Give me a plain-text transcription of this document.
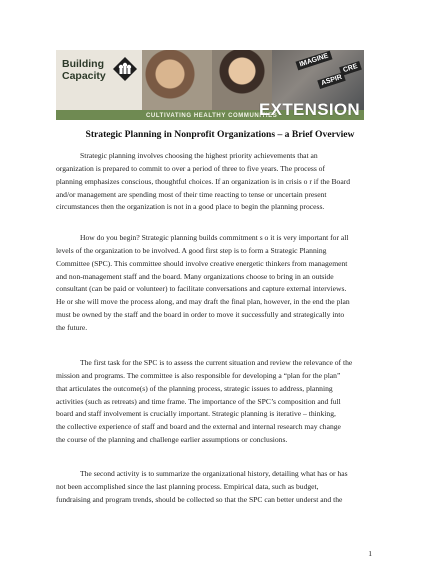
Building
Capacity
IMAGINE
CRE
ASPIR
CULTIVATING HEALTHY COMMUNITIES
EXTENSION
Strategic Planning in Nonprofit Organizations – a Brief Overview
Strategic planning involves choosing the highest priority achievements that an
organization is prepared to commit to over a period of three to five years. The process of
planning emphasizes conscious, thoughtful choices. If an organization is in crisis o r if the Board
and/or management are spending most of their time reacting to tense or uncertain present
circumstances then the organization is not in a good place to begin the planning process.
How do you begin? Strategic planning builds commitment s o it is very important for all
levels of the organization to be involved. A good first step is to form a Strategic Planning
Committee (SPC). This committee should involve creative energetic thinkers from management
and non-management staff and the board. Many organizations choose to bring in an outside
consultant (can be paid or volunteer) to facilitate conversations and capture external interviews.
He or she will move the process along, and may draft the final plan, however, in the end the plan
must be owned by the staff and the board in order to move it successfully and strategically into
the future.
The first task for the SPC is to assess the current situation and review the relevance of the
mission and programs. The committee is also responsible for developing a “plan for the plan”
that articulates the outcome(s) of the planning process, strategic issues to address, planning
activities (such as retreats) and time frame. The importance of the SPC’s composition and full
board and staff involvement is crucially important. Strategic planning is iterative – thinking,
the collective experience of staff and board and the external and internal research may change
the course of the planning and challenge earlier assumptions or conclusions.
The second activity is to summarize the organizational history, detailing what has or has
not been accomplished since the last planning process. Empirical data, such as budget,
fundraising and program trends, should be collected so that the SPC can better underst and the
1
